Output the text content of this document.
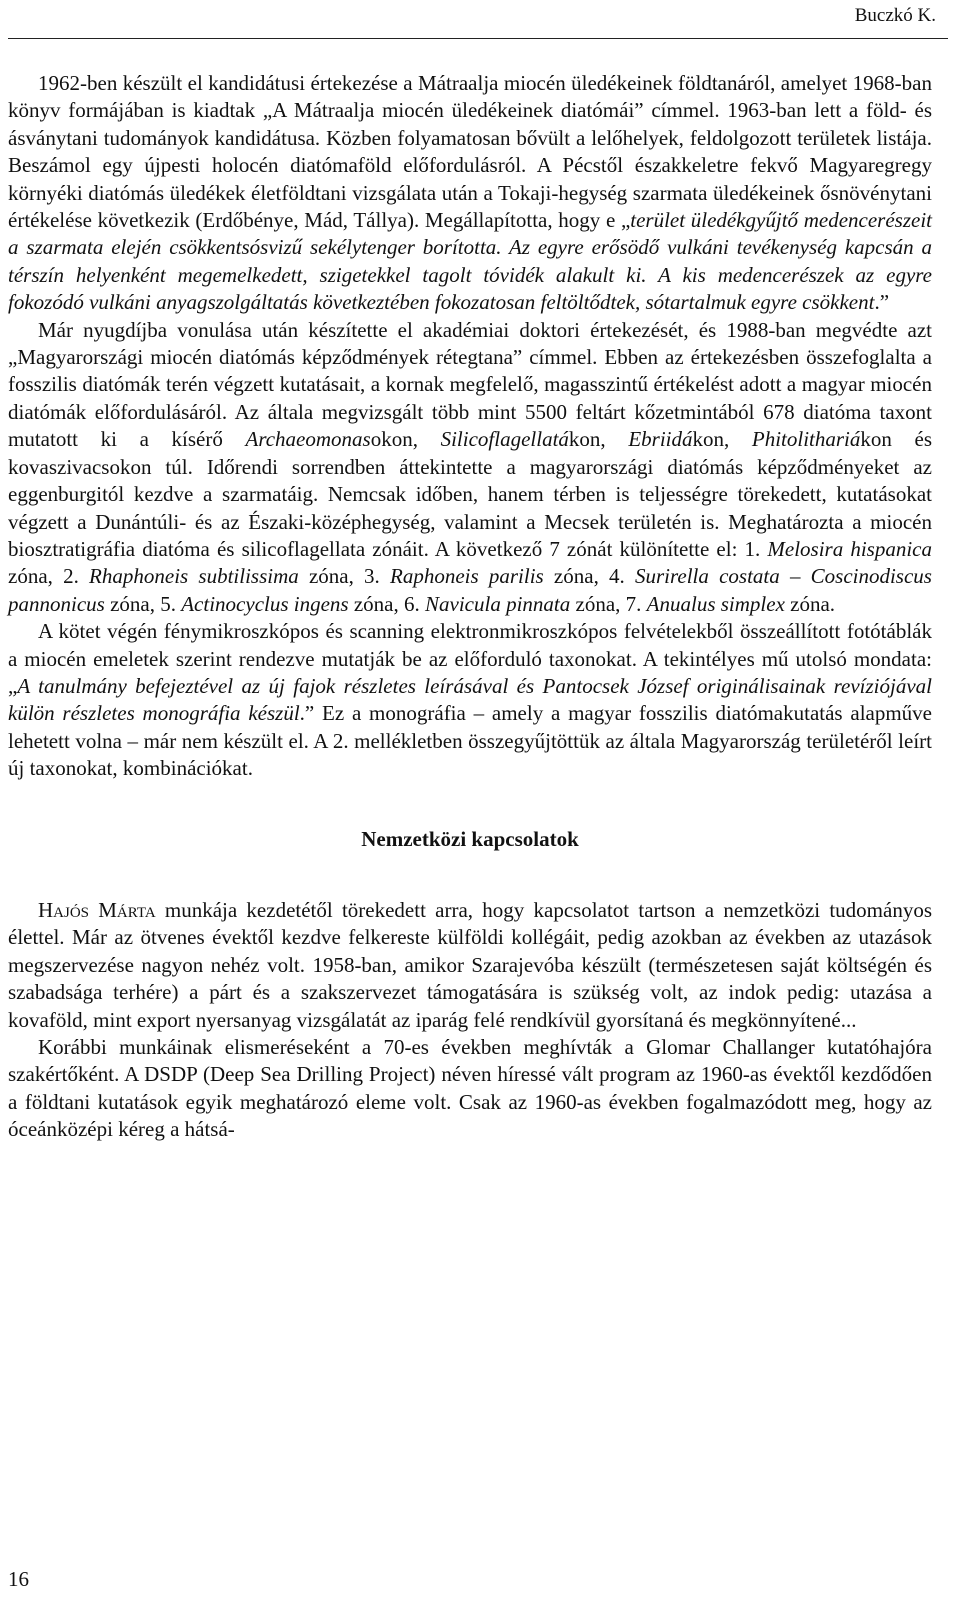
Buczkó K.

1962-ben készült el kandidátusi értekezése a Mátraalja miocén üledékeinek földtanáról, amelyet 1968-ban könyv formájában is kiadtak „A Mátraalja miocén üledékeinek diatómái” címmel. 1963-ban lett a föld- és ásványtani tudományok kandidátusa. Közben folyamatosan bővült a lelőhelyek, feldolgozott területek listája. Beszámol egy újpesti holocén diatómaföld előfordulásról. A Pécstől északkeletre fekvő Magyaregregy környéki diatómás üledékek életföldtani vizsgálata után a Tokaji-hegység szarmata üledékeinek ősnövénytani értékelése következik (Erdőbénye, Mád, Tállya). Megállapította, hogy e „terület üledékgyűjtő medencerészeit a szarmata elején csökkentsósvizű sekélytenger borította. Az egyre erősödő vulkáni tevékenység kapcsán a térszín helyenként megemelkedett, szigetekkel tagolt tóvidék alakult ki. A kis medencerészek az egyre fokozódó vulkáni anyagszolgáltatás következtében fokozatosan feltöltődtek, sótartalmuk egyre csökkent.”

Már nyugdíjba vonulása után készítette el akadémiai doktori értekezését, és 1988-ban megvédte azt „Magyarországi miocén diatómás képződmények rétegtana” címmel. Ebben az értekezésben összefoglalta a fosszilis diatómák terén végzett kutatásait, a kornak megfelelő, magasszintű értékelést adott a magyar miocén diatómák előfordulásáról. Az általa megvizsgált több mint 5500 feltárt kőzetmintából 678 diatóma taxont mutatott ki a kísérő Archaeomonasokon, Silicoflagellatákon, Ebriidákon, Phitolithariákon és kovaszivacsokon túl. Időrendi sorrendben áttekintette a magyarországi diatómás képződményeket az eggenburgitól kezdve a szarmatáig. Nemcsak időben, hanem térben is teljességre törekedett, kutatásokat végzett a Dunántúli- és az Északi-középhegység, valamint a Mecsek területén is. Meghatározta a miocén biosztratigráfia diatóma és silicoflagellata zónáit. A következő 7 zónát különítette el: 1. Melosira hispanica zóna, 2. Rhaphoneis subtilissima zóna, 3. Raphoneis parilis zóna, 4. Surirella costata – Coscinodiscus pannonicus zóna, 5. Actinocyclus ingens zóna, 6. Navicula pinnata zóna, 7. Anualus simplex zóna.

A kötet végén fénymikroszkópos és scanning elektronmikroszkópos felvételekből összeállított fotótáblák a miocén emeletek szerint rendezve mutatják be az előforduló taxonokat. A tekintélyes mű utolsó mondata: „A tanulmány befejeztével az új fajok részletes leírásával és Pantocsek József originálisainak revíziójával külön részletes monográfia készül.” Ez a monográfia – amely a magyar fosszilis diatómakutatás alapműve lehetett volna – már nem készült el. A 2. mellékletben összegyűjtöttük az általa Magyarország területéről leírt új taxonokat, kombinációkat.

Nemzetközi kapcsolatok

Hajós Márta munkája kezdetétől törekedett arra, hogy kapcsolatot tartson a nemzetközi tudományos élettel. Már az ötvenes évektől kezdve felkereste külföldi kollégáit, pedig azokban az években az utazások megszervezése nagyon nehéz volt. 1958-ban, amikor Szarajevóba készült (természetesen saját költségén és szabadsága terhére) a párt és a szakszervezet támogatására is szükség volt, az indok pedig: utazása a kovaföld, mint export nyersanyag vizsgálatát az iparág felé rendkívül gyorsítaná és megkönnyítené...

Korábbi munkáinak elismeréseként a 70-es években meghívták a Glomar Challanger kutatóhajóra szakértőként. A DSDP (Deep Sea Drilling Project) néven híressé vált program az 1960-as évektől kezdődően a földtani kutatások egyik meghatározó eleme volt. Csak az 1960-as években fogalmazódott meg, hogy az óceánközépi kéreg a hátsá-

16
